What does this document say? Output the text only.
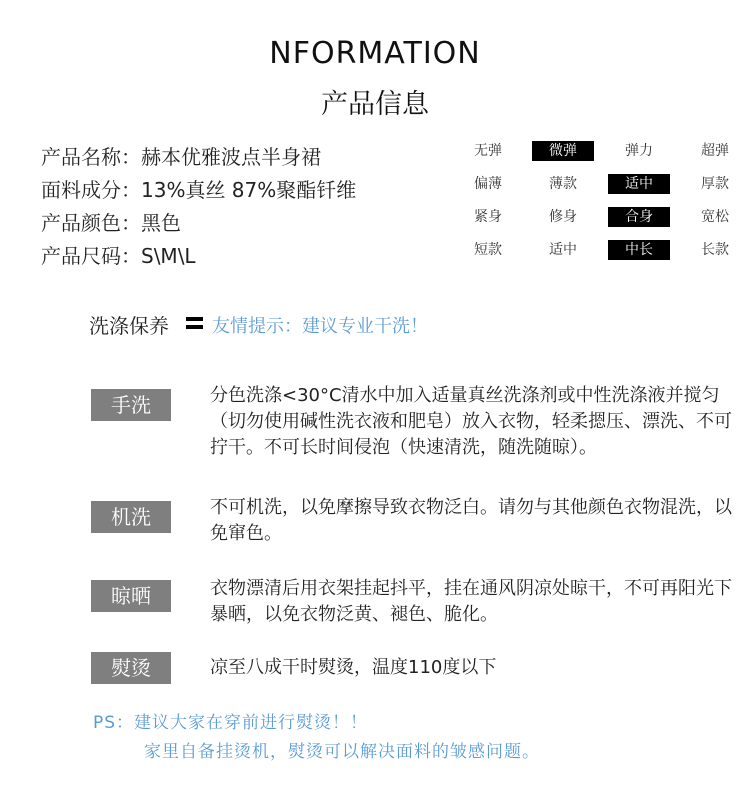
NFORMATION
产品信息
产品名称：赫本优雅波点半身裙
面料成分：13%真丝 87%聚酯钎维
产品颜色：黑色
产品尺码：S\M\L
无弹	微弹	弹力	超弹
偏薄	薄款	适中	厚款
紧身	修身	合身	宽松
短款	适中	中长	长款
洗涤保养 友情提示：建议专业干洗！
手洗	分色洗涤<30°C清水中加入适量真丝洗涤剂或中性洗涤液并搅匀（切勿使用碱性洗衣液和肥皂）放入衣物，轻柔摁压、漂洗、不可拧干。不可长时间侵泡（快速清洗，随洗随晾）。
机洗	不可机洗，以免摩擦导致衣物泛白。请勿与其他颜色衣物混洗，以免窜色。
晾晒	衣物漂清后用衣架挂起抖平，挂在通风阴凉处晾干，不可再阳光下暴晒，以免衣物泛黄、褪色、脆化。
熨烫	凉至八成干时熨烫，温度110度以下
PS：建议大家在穿前进行熨烫！！
家里自备挂烫机，熨烫可以解决面料的皱感问题。
